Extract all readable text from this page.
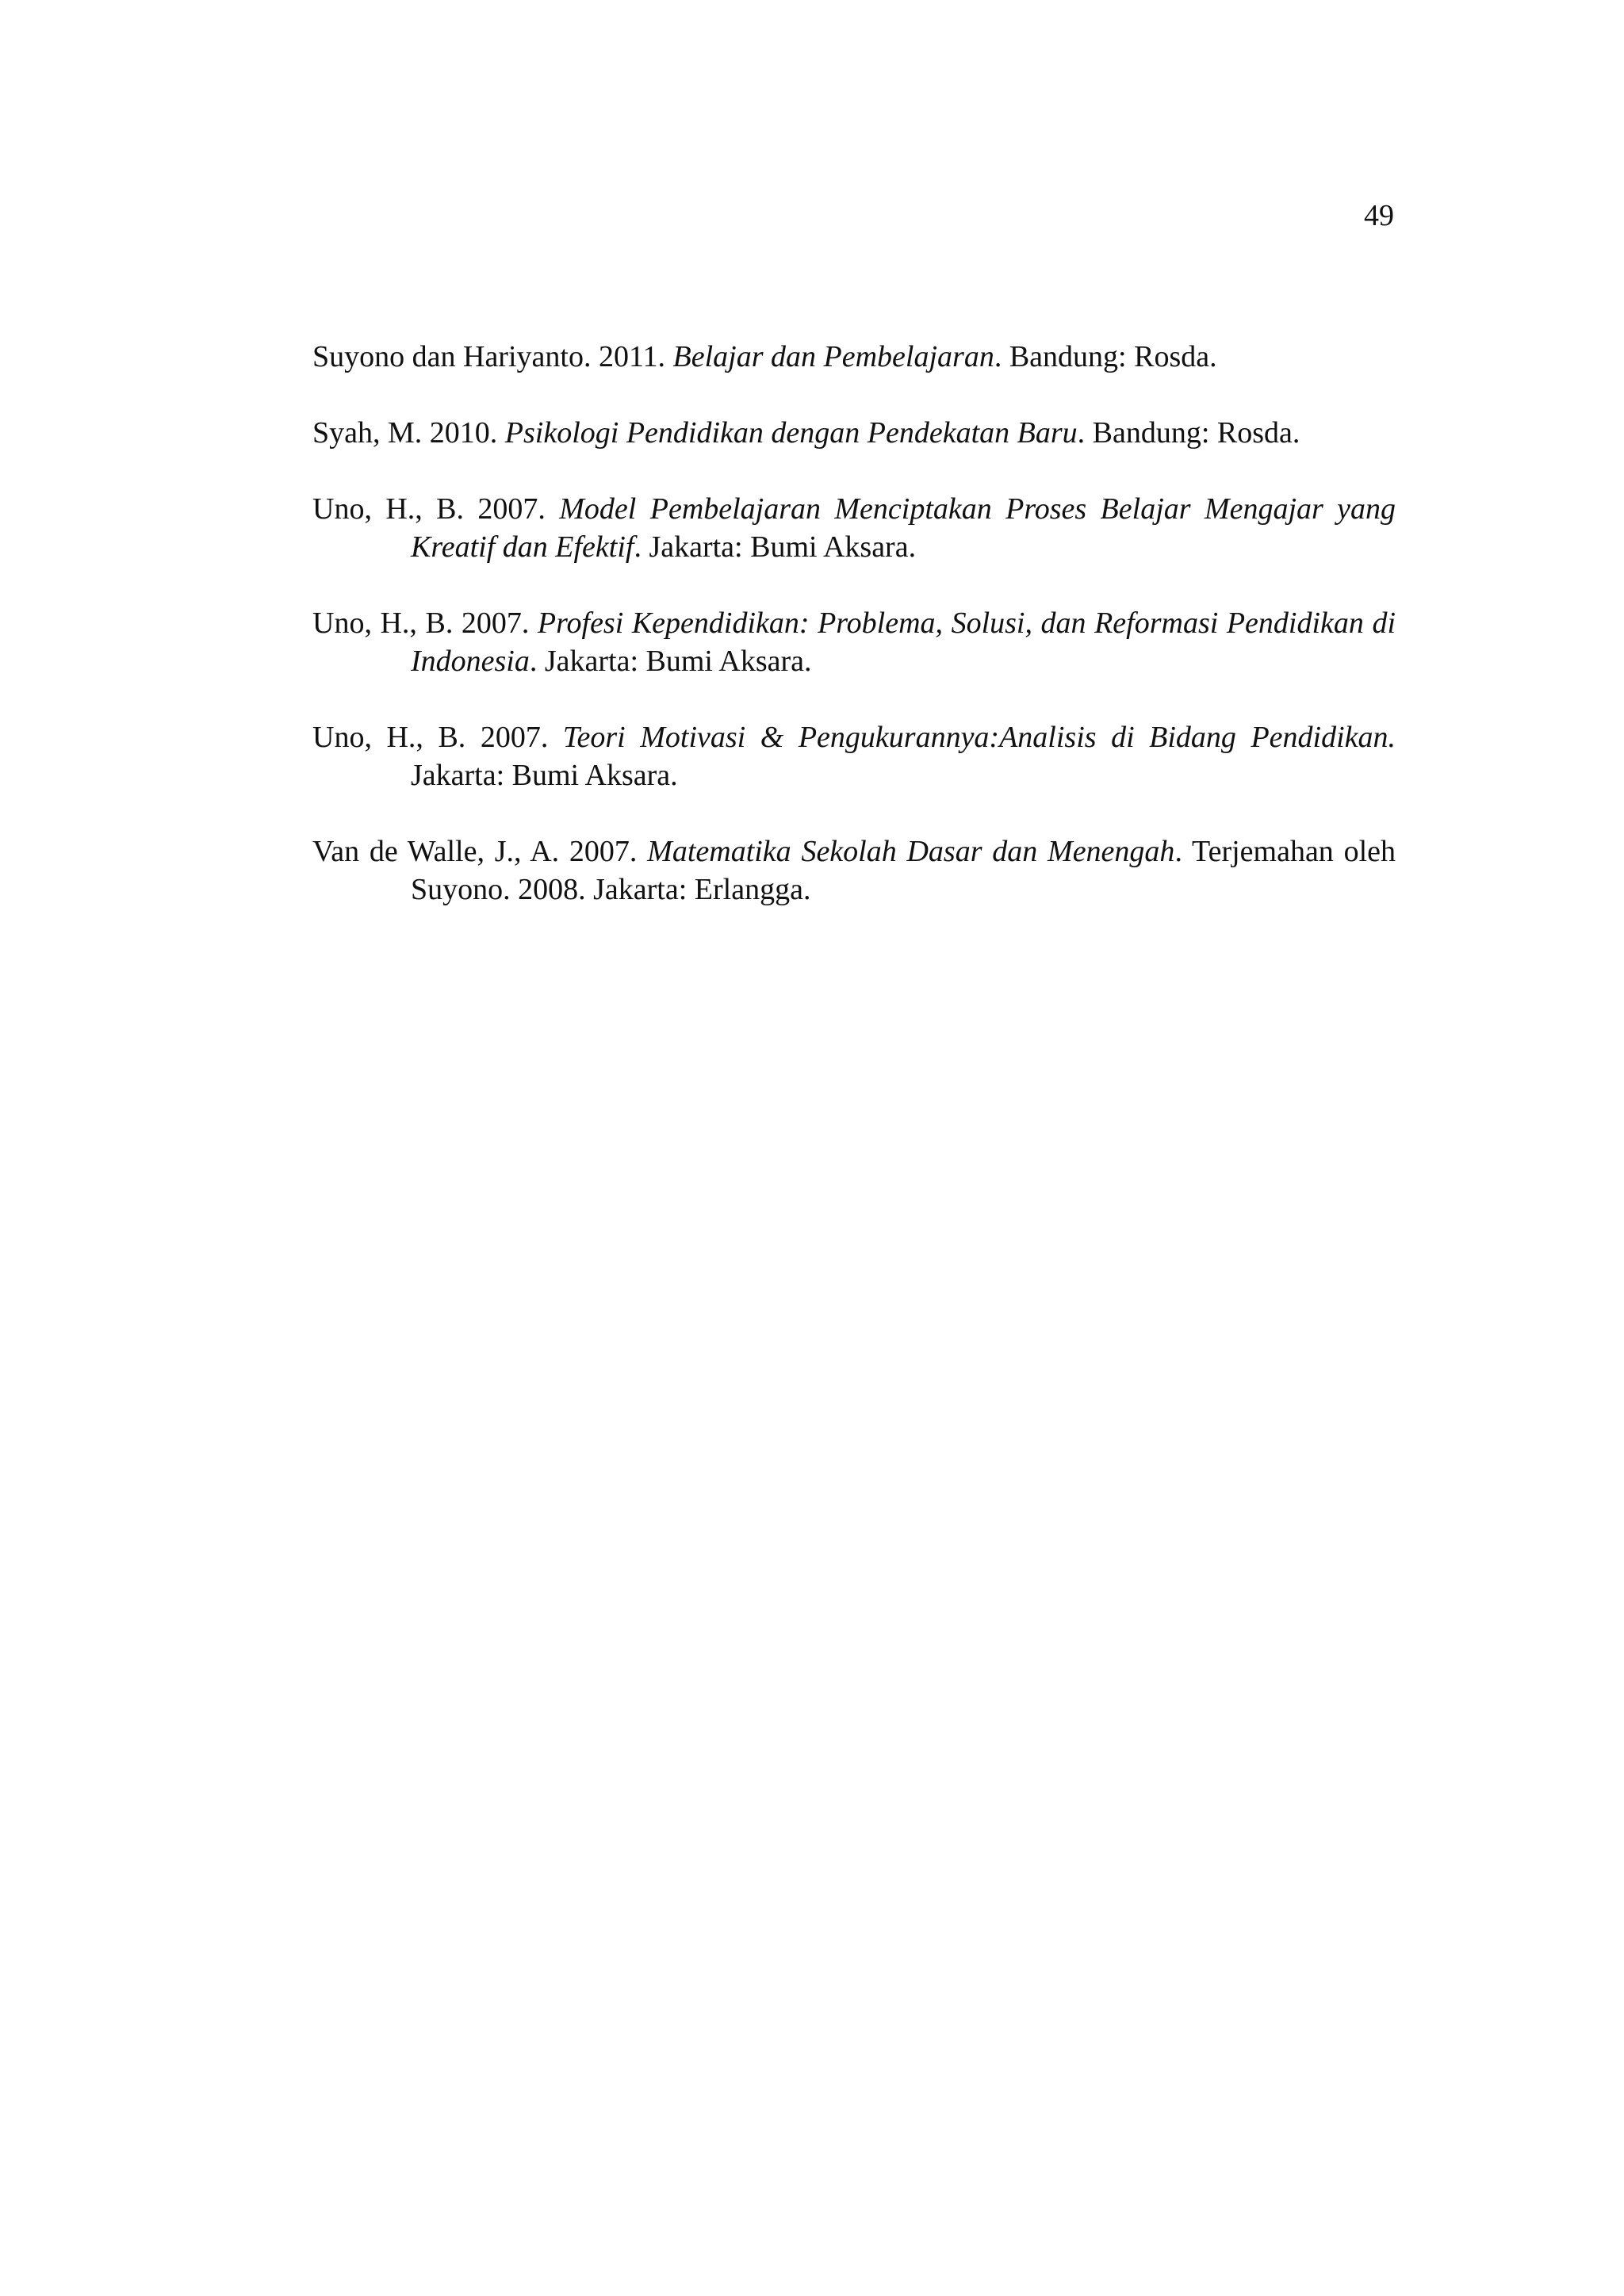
49

Suyono dan Hariyanto. 2011. Belajar dan Pembelajaran. Bandung: Rosda.

Syah, M. 2010. Psikologi Pendidikan dengan Pendekatan Baru. Bandung: Rosda.

Uno, H., B. 2007. Model Pembelajaran Menciptakan Proses Belajar Mengajar yang Kreatif dan Efektif. Jakarta: Bumi Aksara.

Uno, H., B. 2007. Profesi Kependidikan: Problema, Solusi, dan Reformasi Pendidikan di Indonesia. Jakarta: Bumi Aksara.

Uno, H., B. 2007. Teori Motivasi & Pengukurannya:Analisis di Bidang Pendidikan. Jakarta: Bumi Aksara.

Van de Walle, J., A. 2007. Matematika Sekolah Dasar dan Menengah. Terjemahan oleh Suyono. 2008. Jakarta: Erlangga.
